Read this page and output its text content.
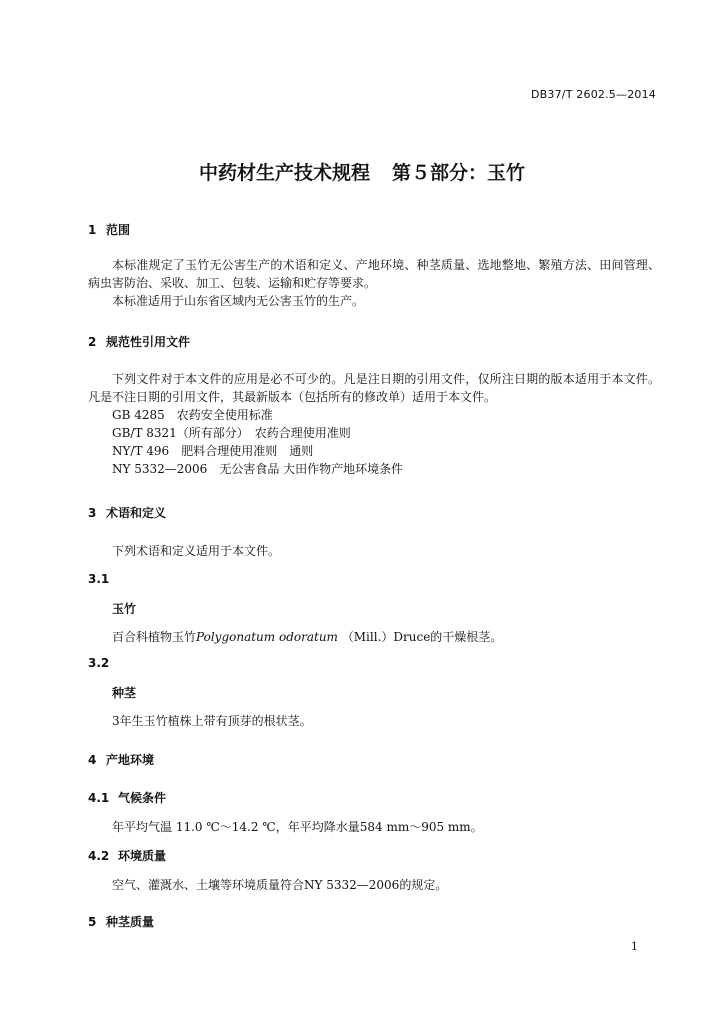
DB37/T 2602.5—2014
中药材生产技术规程 第５部分：玉竹
1 范围

本标准规定了玉竹无公害生产的术语和定义、产地环境、种茎质量、选地整地、繁殖方法、田间管理、病虫害防治、采收、加工、包装、运输和贮存等要求。

本标准适用于山东省区域内无公害玉竹的生产。

2 规范性引用文件

下列文件对于本文件的应用是必不可少的。凡是注日期的引用文件，仅所注日期的版本适用于本文件。凡是不注日期的引用文件，其最新版本（包括所有的修改单）适用于本文件。

GB 4285　农药安全使用标准

GB/T 8321（所有部分）　农药合理使用准则

NY/T 496　肥料合理使用准则　通则

NY 5332—2006　无公害食品 大田作物产地环境条件

3 术语和定义
下列术语和定义适用于本文件。
3.1
玉竹
百合科植物玉竹Polygonatum odoratum （Mill.）Druce的干燥根茎。
3.2
种茎
3年生玉竹植株上带有顶芽的根状茎。
4 产地环境
4.1 气候条件
年平均气温 11.0 ℃～14.2 ℃，年平均降水量584 mm～905 mm。
4.2 环境质量
空气、灌溉水、土壤等环境质量符合NY 5332—2006的规定。
5 种茎质量
1
